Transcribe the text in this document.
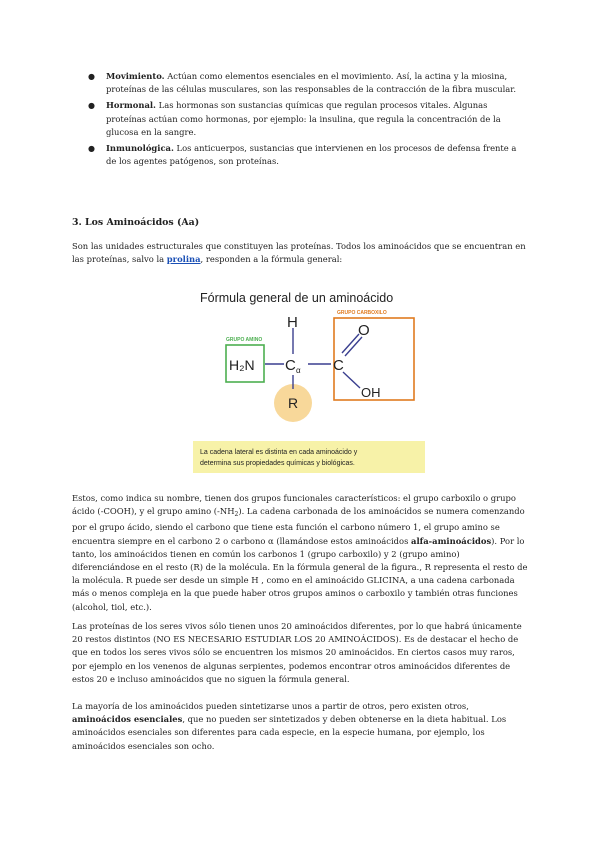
● Movimiento. Actúan como elementos esenciales en el movimiento. Así, la actina y la miosina, proteínas de las células musculares, son las responsables de la contracción de la fibra muscular.
● Hormonal. Las hormonas son sustancias químicas que regulan procesos vitales. Algunas proteínas actúan como hormonas, por ejemplo: la insulina, que regula la concentración de la glucosa en la sangre.
● Inmunológica. Los anticuerpos, sustancias que intervienen en los procesos de defensa frente a de los agentes patógenos, son proteínas.
3. Los Aminoácidos (Aa)

Son las unidades estructurales que constituyen las proteínas. Todos los aminoácidos que se encuentran en las proteínas, salvo la prolina, responden a la fórmula general:

Fórmula general de un aminoácido
GRUPO AMINO
GRUPO CARBOXILO
H
H₂N C α C
O
OH
R
La cadena lateral es distinta en cada aminoácido y
determina sus propiedades químicas y biológicas.

Estos, como indica su nombre, tienen dos grupos funcionales característicos: el grupo carboxilo o grupo ácido (-COOH), y el grupo amino $(-NH_2)$. La cadena carbonada de los aminoácidos se numera comenzando por el grupo ácido, siendo el carbono que tiene esta función el carbono número 1, el grupo amino se encuentra siempre en el carbono 2 o carbono α (llamándose estos aminoácidos alfa-aminoácidos). Por lo tanto, los aminoácidos tienen en común los carbonos 1 (grupo carboxilo) y 2 (grupo amino) diferenciándose en el resto (R) de la molécula. En la fórmula general de la figura., R representa el resto de la molécula. R puede ser desde un simple H , como en el aminoácido GLICINA, a una cadena carbonada más o menos compleja en la que puede haber otros grupos aminos o carboxilo y también otras funciones (alcohol, tiol, etc.).

Las proteínas de los seres vivos sólo tienen unos 20 aminoácidos diferentes, por lo que habrá únicamente 20 restos distintos (NO ES NECESARIO ESTUDIAR LOS 20 AMINOÁCIDOS). Es de destacar el hecho de que en todos los seres vivos sólo se encuentren los mismos 20 aminoácidos. En ciertos casos muy raros, por ejemplo en los venenos de algunas serpientes, podemos encontrar otros aminoácidos diferentes de estos 20 e incluso aminoácidos que no siguen la fórmula general.

La mayoría de los aminoácidos pueden sintetizarse unos a partir de otros, pero existen otros, aminoácidos esenciales, que no pueden ser sintetizados y deben obtenerse en la dieta habitual. Los aminoácidos esenciales son diferentes para cada especie, en la especie humana, por ejemplo, los aminoácidos esenciales son ocho.
